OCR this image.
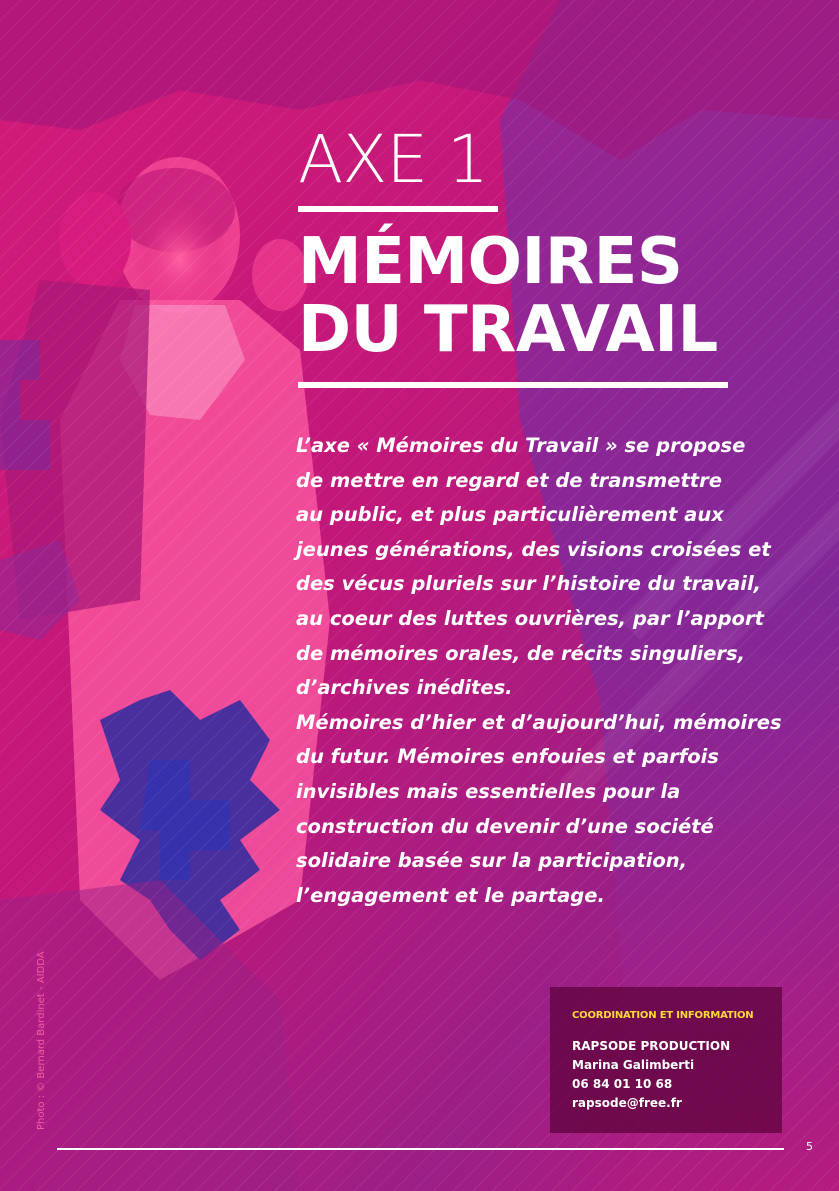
AXE 1
MÉMOIRES
DU TRAVAIL

L’axe « Mémoires du Travail » se propose
de mettre en regard et de transmettre
au public, et plus particulièrement aux
jeunes générations, des visions croisées et
des vécus pluriels sur l’histoire du travail,
au coeur des luttes ouvrières, par l’apport
de mémoires orales, de récits singuliers,
d’archives inédites.
Mémoires d’hier et d’aujourd’hui, mémoires
du futur. Mémoires enfouies et parfois
invisibles mais essentielles pour la
construction du devenir d’une société
solidaire basée sur la participation,
l’engagement et le partage.

Photo : © Bernard Bardinet - AIDDA	COORDINATION ET INFORMATION
RAPSODE PRODUCTION
Marina Galimberti
06 84 01 10 68
rapsode@free.fr
5
